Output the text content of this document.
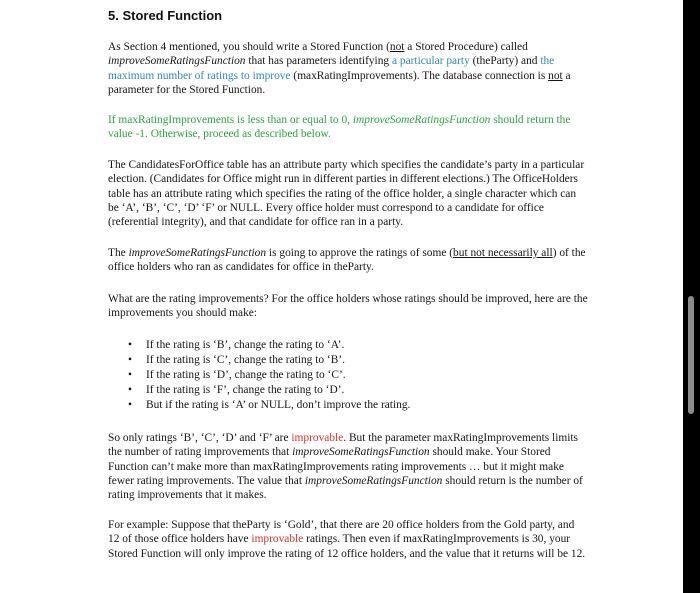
5. Stored Function

As Section 4 mentioned, you should write a Stored Function (not a Stored Procedure) called improveSomeRatingsFunction that has parameters identifying a particular party (theParty) and the maximum number of ratings to improve (maxRatingImprovements). The database connection is not a parameter for the Stored Function.

If maxRatingImprovements is less than or equal to 0, improveSomeRatingsFunction should return the value -1. Otherwise, proceed as described below.

The CandidatesForOffice table has an attribute party which specifies the candidate’s party in a particular election. (Candidates for Office might run in different parties in different elections.) The OfficeHolders table has an attribute rating which specifies the rating of the office holder, a single character which can be ‘A’, ‘B’, ‘C’, ‘D’ ‘F’ or NULL. Every office holder must correspond to a candidate for office (referential integrity), and that candidate for office ran in a party.

The improveSomeRatingsFunction is going to approve the ratings of some (but not necessarily all) of the office holders who ran as candidates for office in theParty.

What are the rating improvements? For the office holders whose ratings should be improved, here are the improvements you should make:

• If the rating is ‘B’, change the rating to ‘A’.
• If the rating is ‘C’, change the rating to ‘B’.
• If the rating is ‘D’, change the rating to ‘C’.
• If the rating is ‘F’, change the rating to ‘D’.
• But if the rating is ‘A’ or NULL, don’t improve the rating.

So only ratings ‘B’, ‘C’, ‘D’ and ‘F’ are improvable. But the parameter maxRatingImprovements limits the number of rating improvements that improveSomeRatingsFunction should make. Your Stored Function can’t make more than maxRatingImprovements rating improvements … but it might make fewer rating improvements. The value that improveSomeRatingsFunction should return is the number of rating improvements that it makes.

For example: Suppose that theParty is ‘Gold’, that there are 20 office holders from the Gold party, and 12 of those office holders have improvable ratings. Then even if maxRatingImprovements is 30, your Stored Function will only improve the rating of 12 office holders, and the value that it returns will be 12.
